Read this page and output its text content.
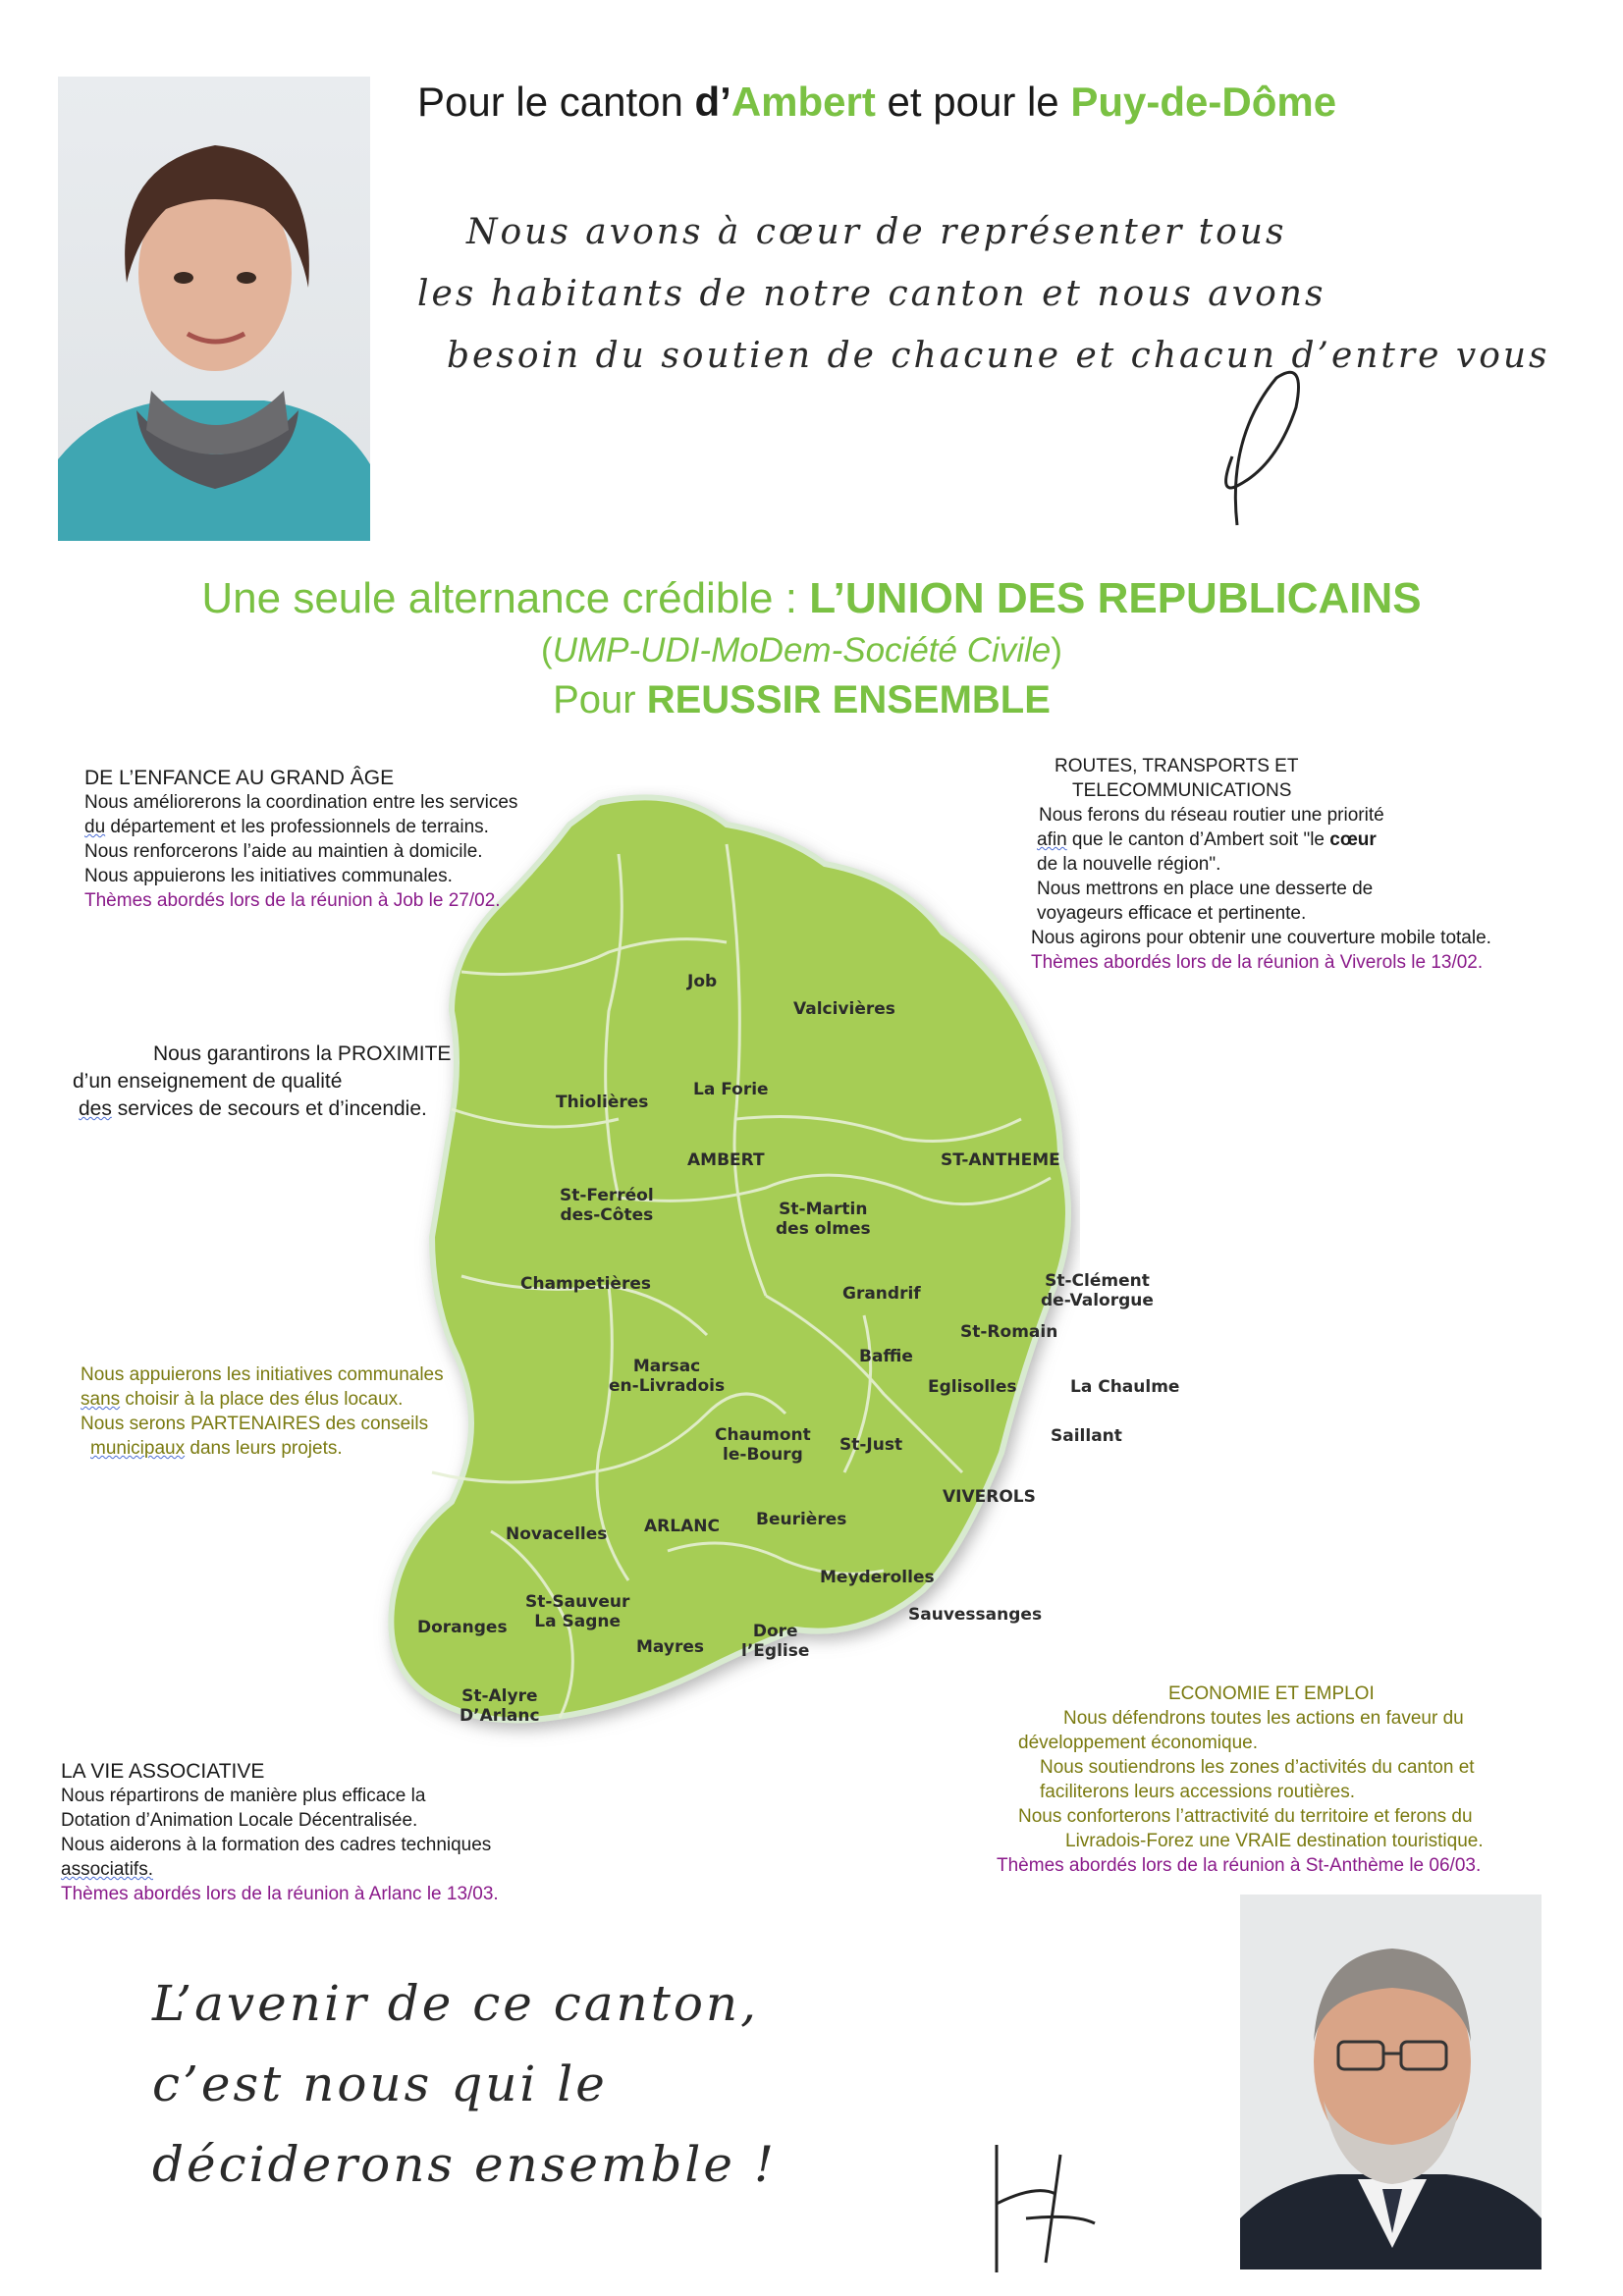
Pour le canton d’Ambert et pour le Puy-de-Dôme
Nous avons à cœur de représenter tous
les habitants de notre canton et nous avons
besoin du soutien de chacune et chacun d’entre vous
Une seule alternance crédible : L’UNION DES REPUBLICAINS
(UMP-UDI-MoDem-Société Civile)
Pour REUSSIR ENSEMBLE
Job
Valcivières
Thiolières
La Forie
AMBERT	ST-ANTHEME
St-Ferréol
des-Côtes	St-Martin
des olmes
Champetières	Grandrif
St-Clément
de-Valorgue
St-Romain
Baffie
Marsac
en-Livradois	Eglisolles	La Chaulme
Chaumont
le-Bourg	St-Just	Saillant
VIVEROLS
Novacelles ARLANC Beurières
Meyderolles
St-Sauveur
La Sagne
Doranges
Mayres
Dore
l’Eglise
Sauvessanges
St-Alyre
D’Arlanc
DE L’ENFANCE AU GRAND ÂGE
Nous améliorerons la coordination entre les services
du département et les professionnels de terrains.
Nous renforcerons l’aide au maintien à domicile.
Nous appuierons les initiatives communales.
Thèmes abordés lors de la réunion à Job le 27/02.
ROUTES, TRANSPORTS ET
TELECOMMUNICATIONS
Nous ferons du réseau routier une priorité
afin que le canton d’Ambert soit "le cœur
de la nouvelle région".
Nous mettrons en place une desserte de
voyageurs efficace et pertinente.
Nous agirons pour obtenir une couverture mobile totale.
Thèmes abordés lors de la réunion à Viverols le 13/02.
Nous garantirons la PROXIMITE
d’un enseignement de qualité
des services de secours et d’incendie.
Nous appuierons les initiatives communales
sans choisir à la place des élus locaux.
Nous serons PARTENAIRES des conseils
municipaux dans leurs projets.
ECONOMIE ET EMPLOI
Nous défendrons toutes les actions en faveur du
développement économique.
Nous soutiendrons les zones d’activités du canton et
faciliterons leurs accessions routières.
Nous conforterons l’attractivité du territoire et ferons du
Livradois-Forez une VRAIE destination touristique.
Thèmes abordés lors de la réunion à St-Anthème le 06/03.
LA VIE ASSOCIATIVE
Nous répartirons de manière plus efficace la
Dotation d’Animation Locale Décentralisée.
Nous aiderons à la formation des cadres techniques
associatifs.
Thèmes abordés lors de la réunion à Arlanc le 13/03.
L’avenir de ce canton,
c’est nous qui le
déciderons ensemble !
